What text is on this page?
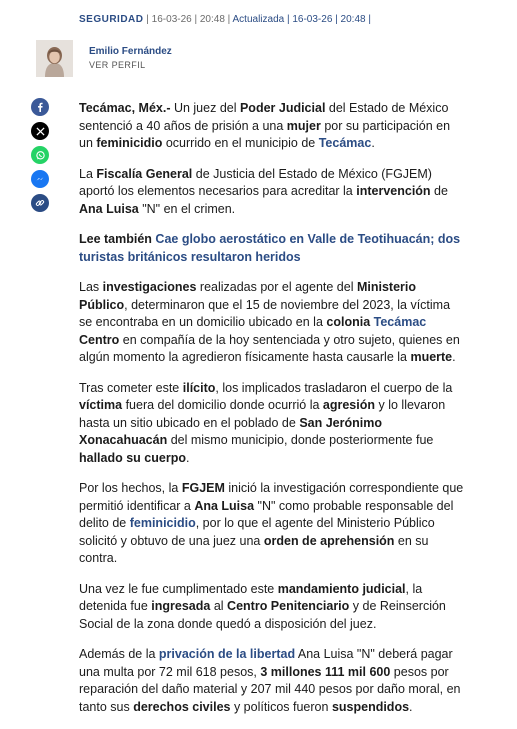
SEGURIDAD | 16-03-26 | 20:48 | Actualizada | 16-03-26 | 20:48 |
Emilio Fernández
VER PERFIL

Tecámac, Méx.- Un juez del Poder Judicial del Estado de México sentenció a 40 años de prisión a una mujer por su participación en un feminicidio ocurrido en el municipio de Tecámac.

La Fiscalía General de Justicia del Estado de México (FGJEM) aportó los elementos necesarios para acreditar la intervención de Ana Luisa "N" en el crimen.

Lee también Cae globo aerostático en Valle de Teotihuacán; dos turistas británicos resultaron heridos

Las investigaciones realizadas por el agente del Ministerio Público, determinaron que el 15 de noviembre del 2023, la víctima se encontraba en un domicilio ubicado en la colonia Tecámac Centro en compañía de la hoy sentenciada y otro sujeto, quienes en algún momento la agredieron físicamente hasta causarle la muerte.

Tras cometer este ilícito, los implicados trasladaron el cuerpo de la víctima fuera del domicilio donde ocurrió la agresión y lo llevaron hasta un sitio ubicado en el poblado de San Jerónimo Xonacahuacán del mismo municipio, donde posteriormente fue hallado su cuerpo.

Por los hechos, la FGJEM inició la investigación correspondiente que permitió identificar a Ana Luisa "N" como probable responsable del delito de feminicidio, por lo que el agente del Ministerio Público solicitó y obtuvo de una juez una orden de aprehensión en su contra.

Una vez le fue cumplimentado este mandamiento judicial, la detenida fue ingresada al Centro Penitenciario y de Reinserción Social de la zona donde quedó a disposición del juez.

Además de la privación de la libertad Ana Luisa "N" deberá pagar una multa por 72 mil 618 pesos, 3 millones 111 mil 600 pesos por reparación del daño material y 207 mil 440 pesos por daño moral, en tanto sus derechos civiles y políticos fueron suspendidos.
